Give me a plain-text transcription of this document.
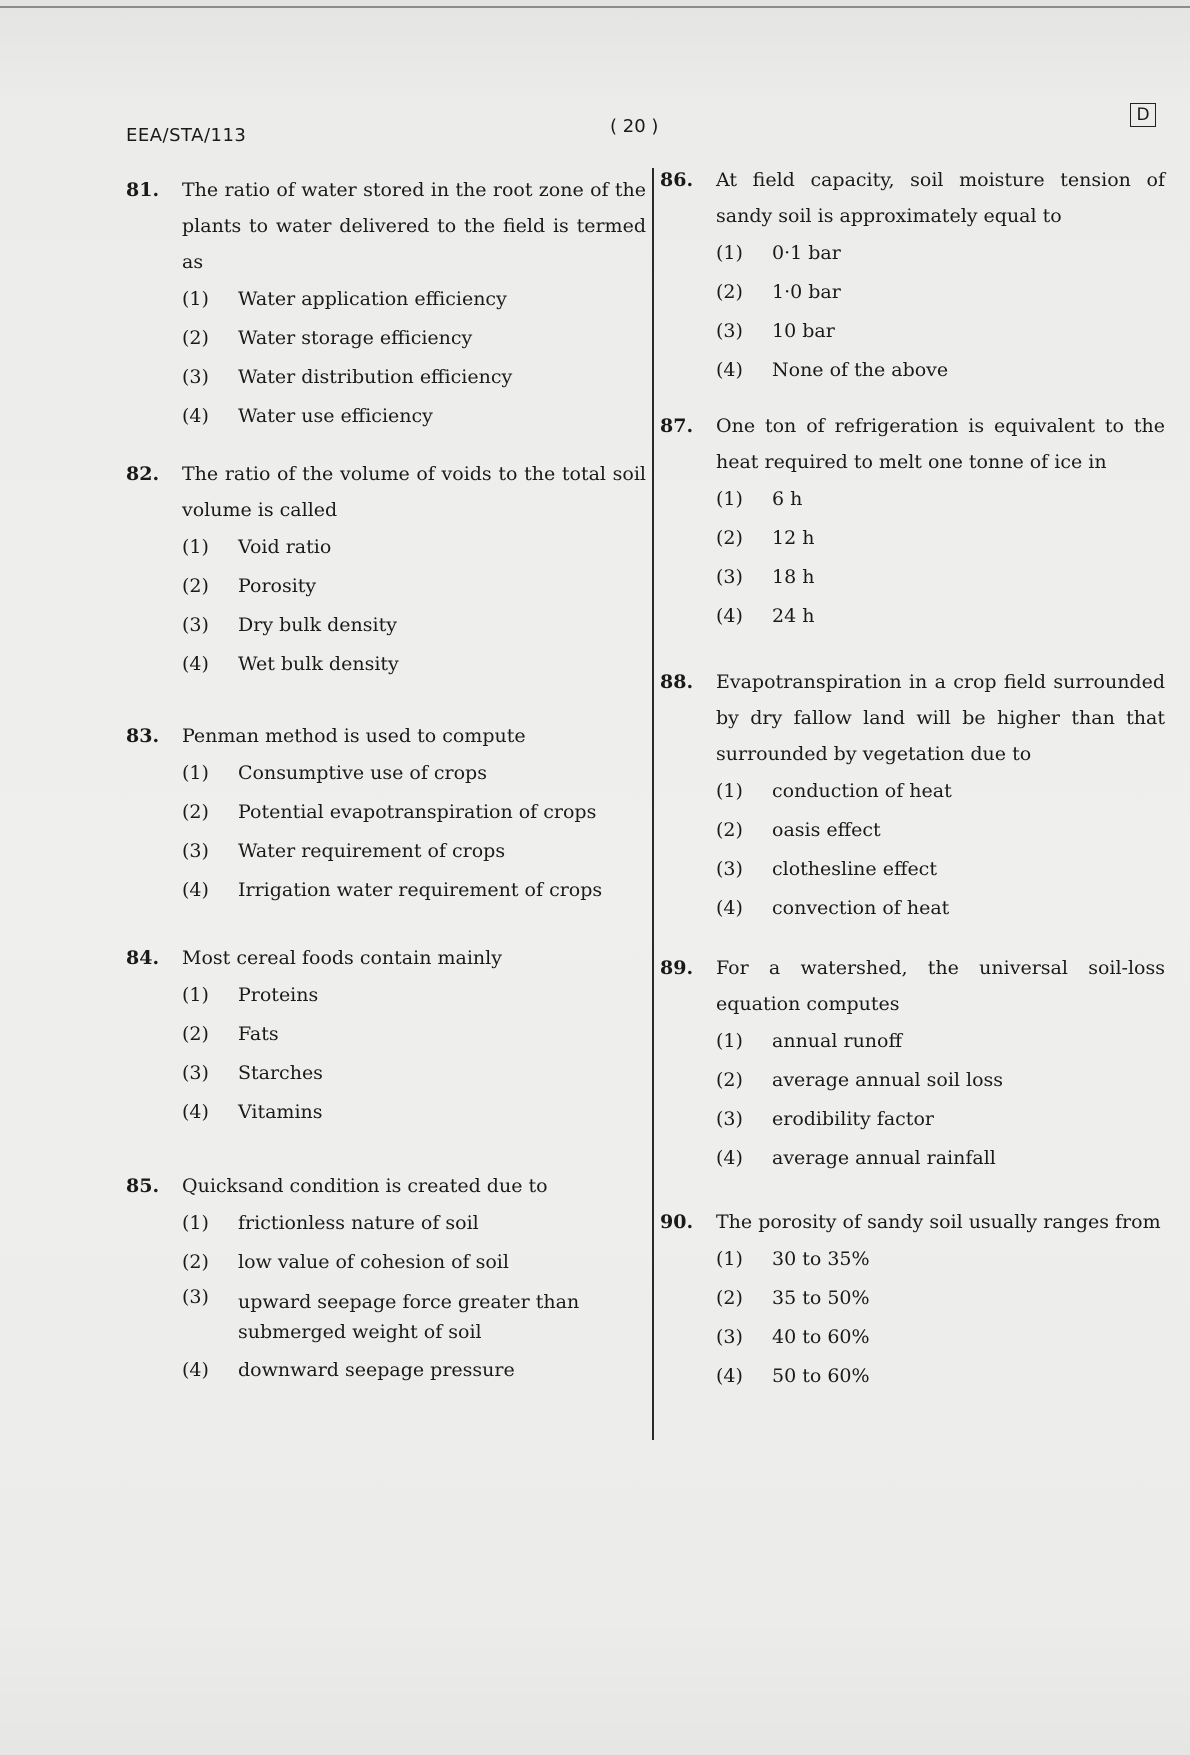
EEA/STA/113	( 20 )
D
81. The ratio of water stored in the root zone of the plants to water delivered to the field is termed as
(1) Water application efficiency
(2) Water storage efficiency
(3) Water distribution efficiency
(4) Water use efficiency
82. The ratio of the volume of voids to the total soil volume is called
(1) Void ratio
(2) Porosity
(3) Dry bulk density
(4) Wet bulk density
83. Penman method is used to compute
(1) Consumptive use of crops
(2) Potential evapotranspiration of crops
(3) Water requirement of crops
(4) Irrigation water requirement of crops
84. Most cereal foods contain mainly
(1) Proteins
(2) Fats
(3) Starches
(4) Vitamins
85. Quicksand condition is created due to
(1) frictionless nature of soil
(2) low value of cohesion of soil
(3) upward seepage force greater than submerged weight of soil
(4) downward seepage pressure
86. At field capacity, soil moisture tension of sandy soil is approximately equal to
(1) 0·1 bar
(2) 1·0 bar
(3) 10 bar
(4) None of the above
87. One ton of refrigeration is equivalent to the heat required to melt one tonne of ice in
(1) 6 h
(2) 12 h
(3) 18 h
(4) 24 h
88. Evapotranspiration in a crop field surrounded by dry fallow land will be higher than that surrounded by vegetation due to
(1) conduction of heat
(2) oasis effect
(3) clothesline effect
(4) convection of heat
89. For a watershed, the universal soil-loss equation computes
(1) annual runoff
(2) average annual soil loss
(3) erodibility factor
(4) average annual rainfall
90. The porosity of sandy soil usually ranges from
(1) 30 to 35%
(2) 35 to 50%
(3) 40 to 60%
(4) 50 to 60%
